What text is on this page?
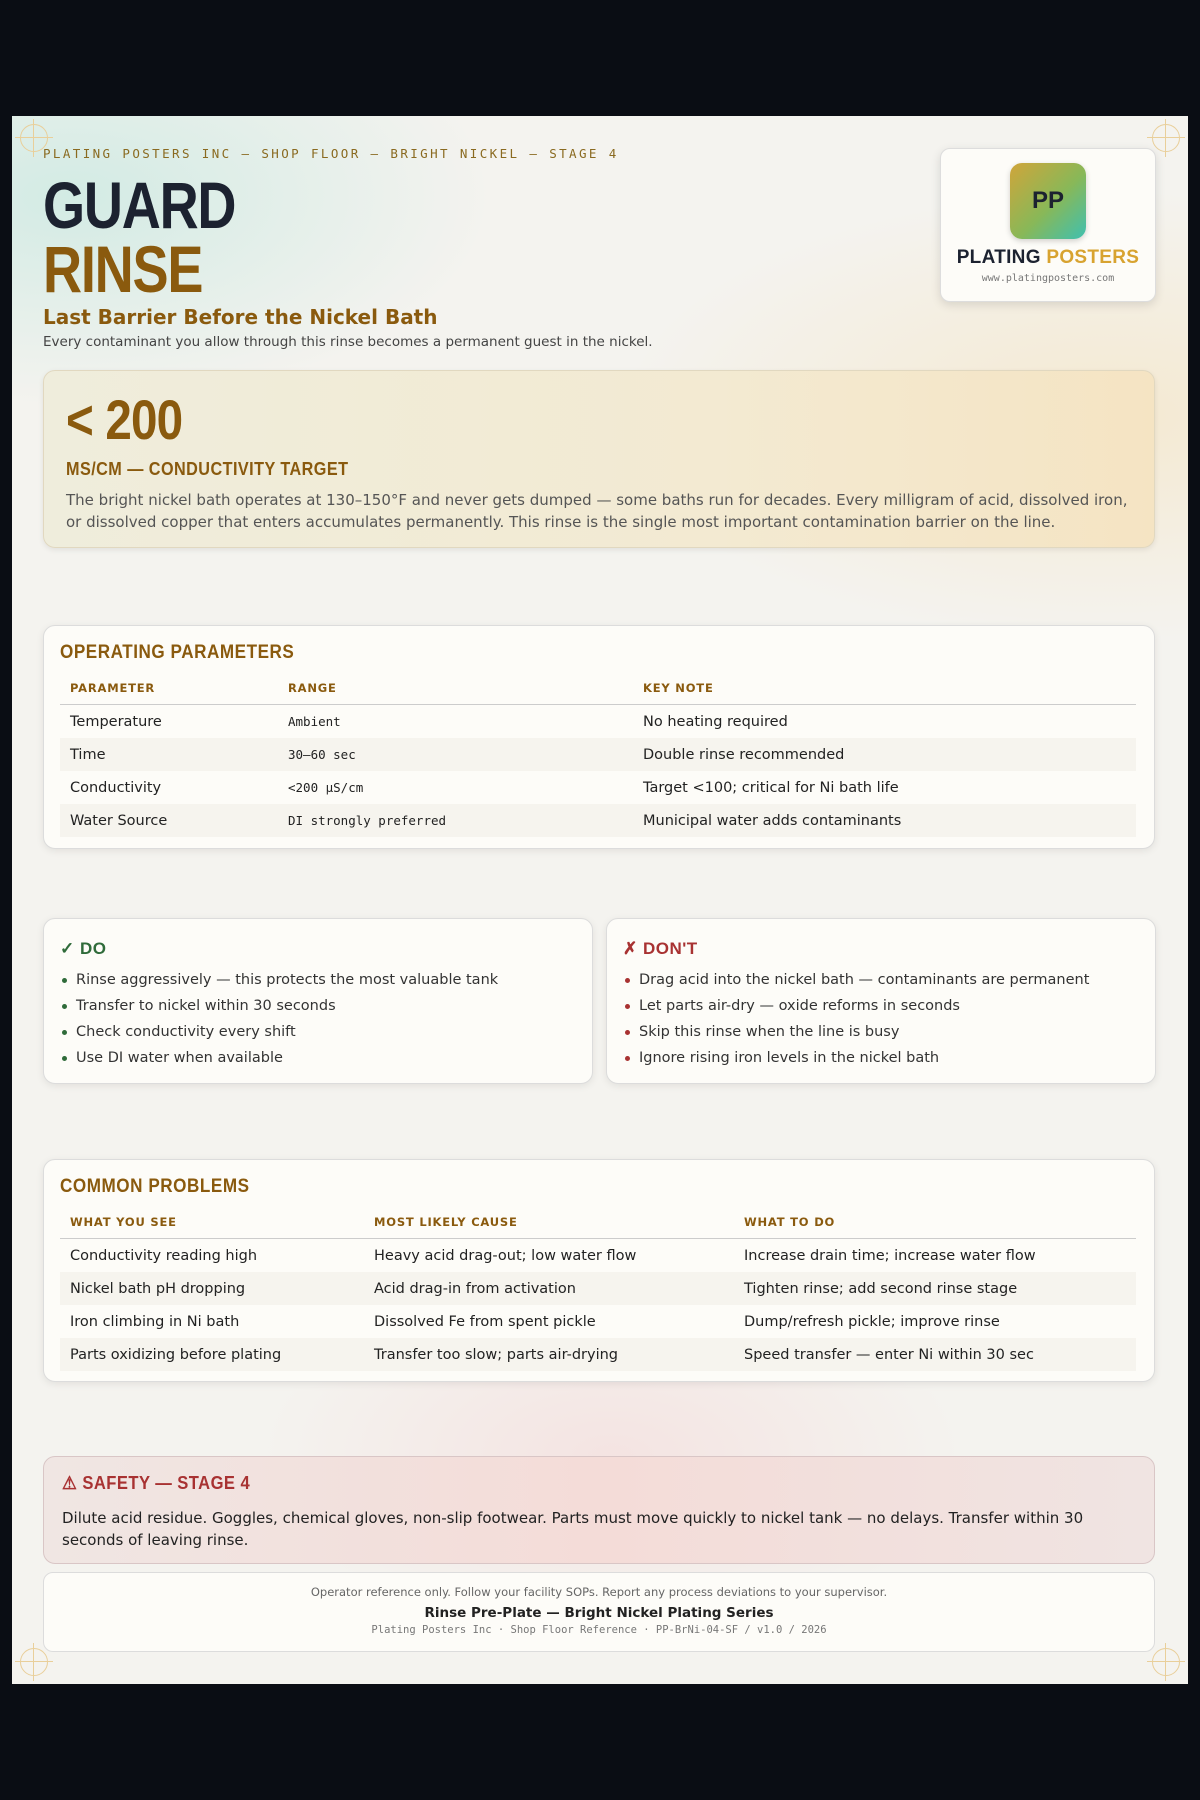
PLATING POSTERS INC — SHOP FLOOR — BRIGHT NICKEL — STAGE 4
GUARD
RINSE
Last Barrier Before the Nickel Bath
Every contaminant you allow through this rinse becomes a permanent guest in the nickel.
PP
PLATING POSTERS
www.platingposters.com
< 200
MS/CM — CONDUCTIVITY TARGET
The bright nickel bath operates at 130–150°F and never gets dumped — some baths run for decades. Every milligram of acid, dissolved iron, or dissolved copper that enters accumulates permanently. This rinse is the single most important contamination barrier on the line.
OPERATING PARAMETERS
PARAMETER	RANGE	KEY NOTE
Temperature	Ambient	No heating required
Time	30–60 sec	Double rinse recommended
Conductivity	<200 µS/cm	Target <100; critical for Ni bath life
Water Source	DI strongly preferred	Municipal water adds contaminants
✓ DO
Rinse aggressively — this protects the most valuable tank
Transfer to nickel within 30 seconds
Check conductivity every shift
Use DI water when available
✗ DON'T
Drag acid into the nickel bath — contaminants are permanent
Let parts air-dry — oxide reforms in seconds
Skip this rinse when the line is busy
Ignore rising iron levels in the nickel bath
COMMON PROBLEMS
WHAT YOU SEE	MOST LIKELY CAUSE	WHAT TO DO
Conductivity reading high	Heavy acid drag-out; low water flow	Increase drain time; increase water flow
Nickel bath pH dropping	Acid drag-in from activation	Tighten rinse; add second rinse stage
Iron climbing in Ni bath	Dissolved Fe from spent pickle	Dump/refresh pickle; improve rinse
Parts oxidizing before plating	Transfer too slow; parts air-drying	Speed transfer — enter Ni within 30 sec
⚠ SAFETY — STAGE 4
Dilute acid residue. Goggles, chemical gloves, non-slip footwear. Parts must move quickly to nickel tank — no delays. Transfer within 30 seconds of leaving rinse.
Operator reference only. Follow your facility SOPs. Report any process deviations to your supervisor.
Rinse Pre-Plate — Bright Nickel Plating Series
Plating Posters Inc · Shop Floor Reference · PP-BrNi-04-SF / v1.0 / 2026
